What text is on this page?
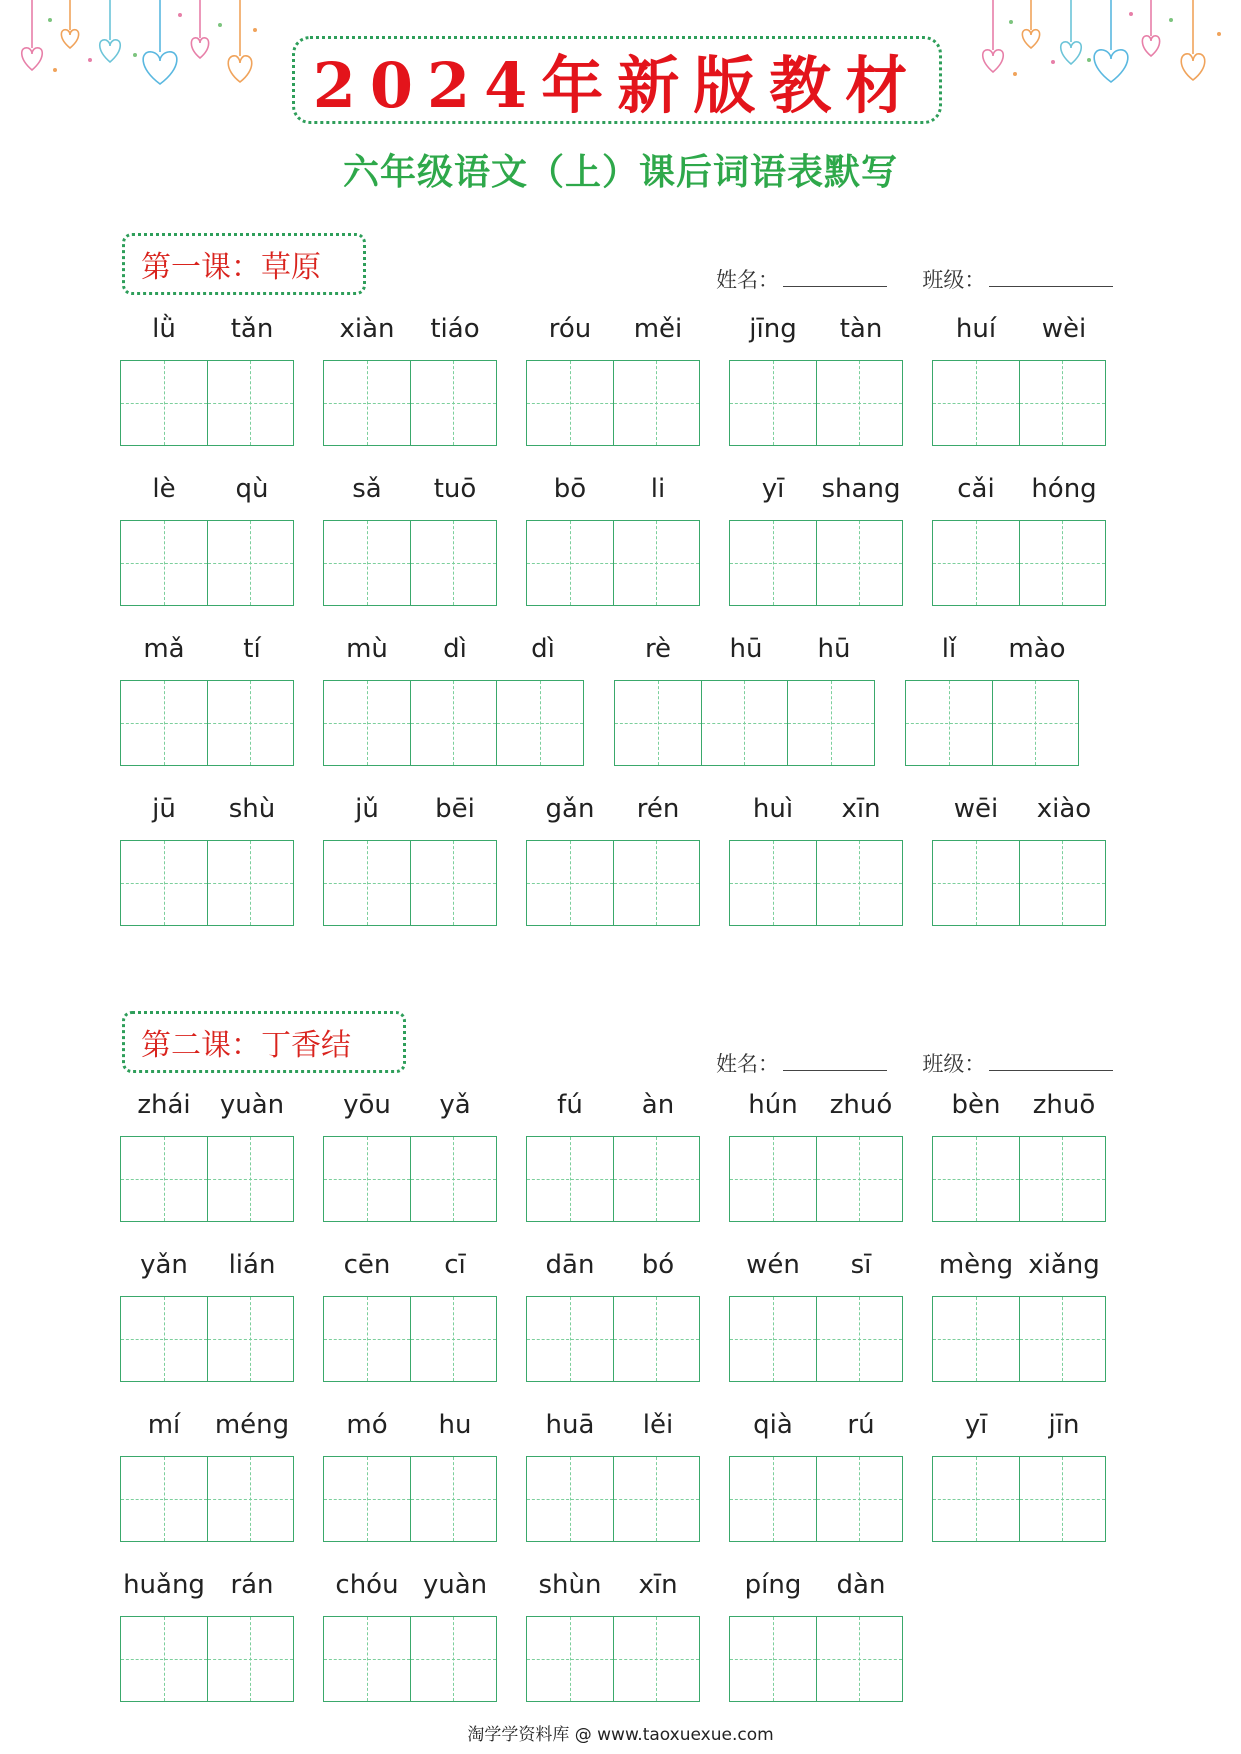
2024年新版教材
六年级语文（上）课后词语表默写
第一课：草原	姓名：	班级：
lǜ	tǎn	xiàn	tiáo	róu	měi	jīng	tàn	huí	wèi
lè	qù	sǎ	tuō	bō	li	yī	shang	cǎi	hóng
mǎ	tí	mù	dì	dì	rè	hū	hū	lǐ	mào
jū	shù	jǔ	bēi	gǎn	rén	huì	xīn	wēi	xiào
第二课：丁香结
姓名：	班级：
zhái	yuàn	yōu	yǎ	fú	àn	hún	zhuó	bèn	zhuō
yǎn	lián	cēn	cī	dān	bó	wén	sī	mèng xiǎng
mí	méng	mó	hu	huā	lěi	qià	rú	yī	jīn
huǎng rán	chóu yuàn	shùn	xīn	píng	dàn
淘学学资料库 @ www.taoxuexue.com
